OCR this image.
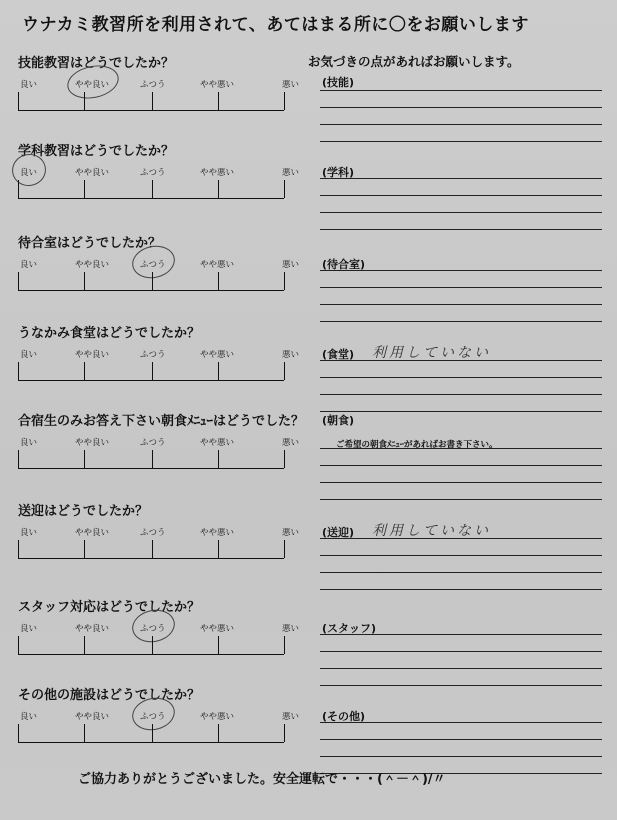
ウナカミ教習所を利用されて、あてはまる所に〇をお願いします
お気づきの点があればお願いします。
技能教習はどうでしたか？
良い	やや良い	ふつう	やや悪い	悪い (技能)
学科教習はどうでしたか？
良い	やや良い	ふつう	やや悪い	悪い (学科)
待合室はどうでしたか？
良い	やや良い	ふつう	やや悪い	悪い (待合室)
うなかみ食堂はどうでしたか？
良い	やや良い	ふつう	やや悪い	悪い (食堂) 利用していない
合宿生のみお答え下さい朝食ﾒﾆｭｰはどうでした？
良い	やや良い	ふつう	やや悪い	悪い
(朝食)
ご希望の朝食ﾒﾆｭｰがあればお書き下さい。
送迎はどうでしたか？
良い	やや良い	ふつう	やや悪い	悪い (送迎) 利用していない
スタッフ対応はどうでしたか？
良い	やや良い	ふつう	やや悪い	悪い (スタッフ)
その他の施設はどうでしたか？
良い	やや良い	ふつう	やや悪い	悪い (その他)
ご協力ありがとうございました。安全運転で・・・(＾－＾)/〃
